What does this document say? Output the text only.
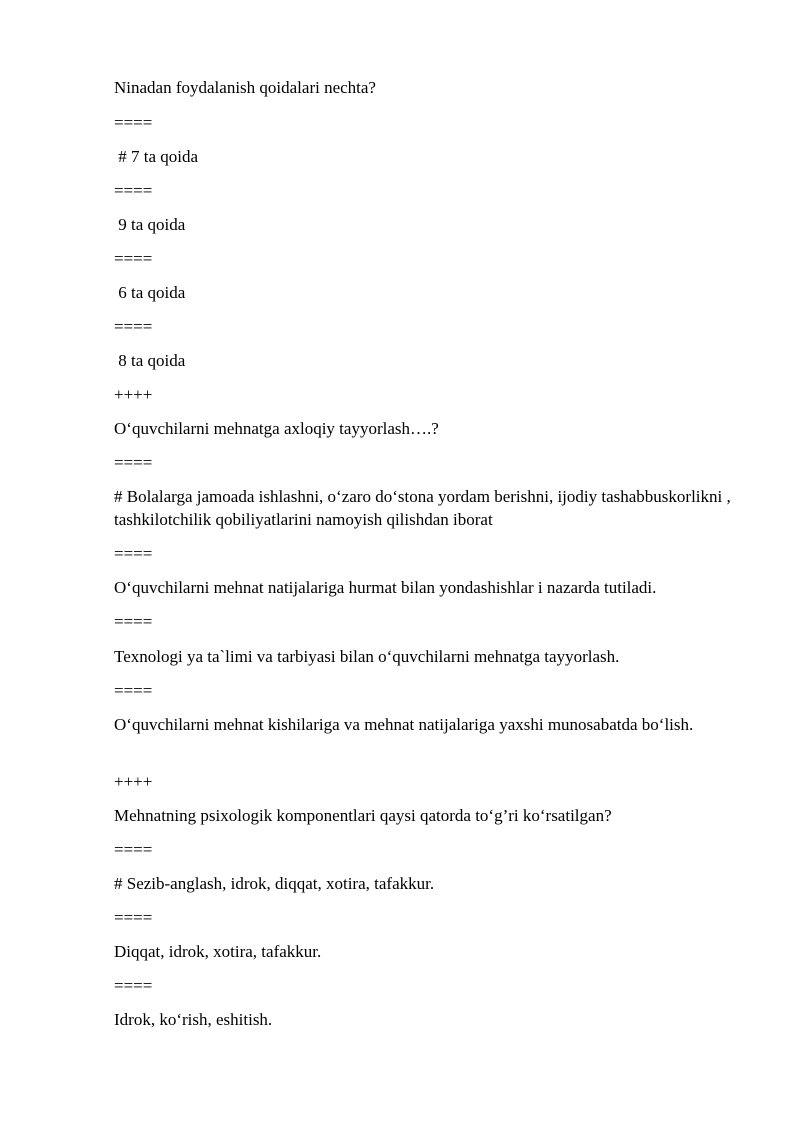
Ninadan foydalanish qoidalari nechta?

====

# 7 ta qoida

====

9 ta qoida

====

6 ta qoida

====

8 ta qoida

++++

O‘quvchilarni mehnatga axloqiy tayyorlash….?

====

# Bolalarga jamoada ishlashni, o‘zaro do‘stona yordam berishni, ijodiy tashabbuskorlikni , tashkilotchilik qobiliyatlarini namoyish qilishdan iborat

====

O‘quvchilarni mehnat natijalariga hurmat bilan yondashishlar i nazarda tutiladi.

====

Texnologi ya ta`limi va tarbiyasi bilan o‘quvchilarni mehnatga tayyorlash.

====

O‘quvchilarni mehnat kishilariga va mehnat natijalariga yaxshi munosabatda bo‘lish.

++++

Mehnatning psixologik komponentlari qaysi qatorda to‘g’ri ko‘rsatilgan?

====

# Sezib-anglash, idrok, diqqat, xotira, tafakkur.

====

Diqqat, idrok, xotira, tafakkur.

====

Idrok, ko‘rish, eshitish.
